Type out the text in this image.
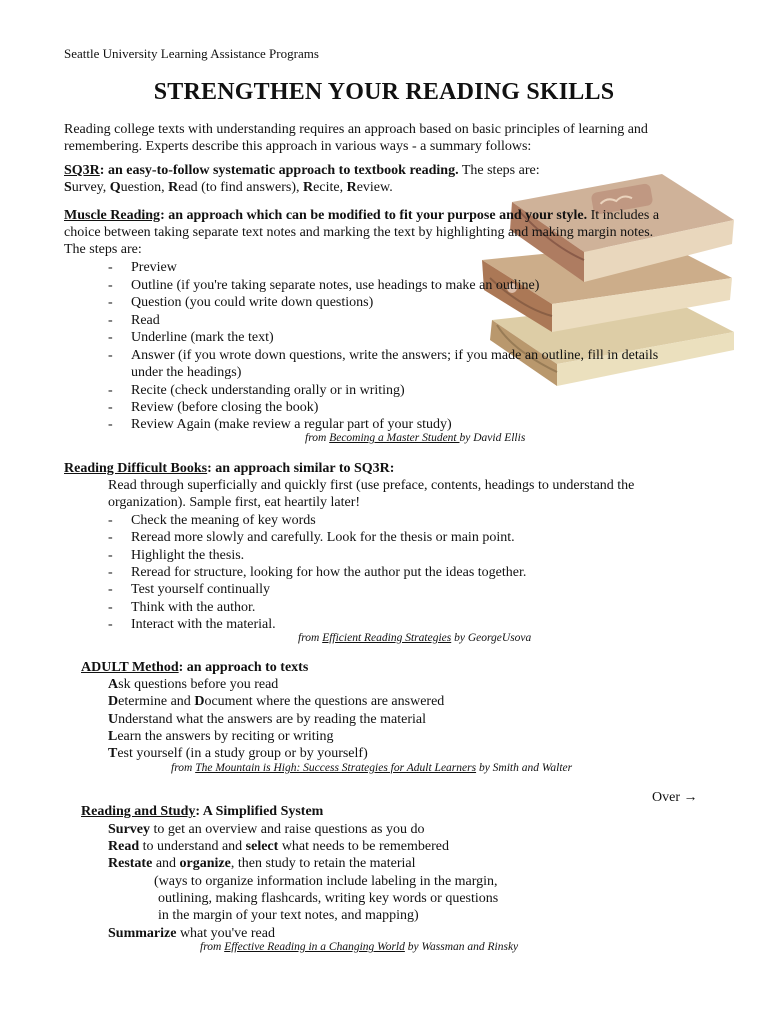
Seattle University Learning Assistance Programs
STRENGTHEN YOUR READING SKILLS
Reading college texts with understanding requires an approach based on basic principles of learning and
remembering. Experts describe this approach in various ways - a summary follows:
SQ3R: an easy-to-follow systematic approach to textbook reading. The steps are:
Survey, Question, Read (to find answers), Recite, Review.
Muscle Reading: an approach which can be modified to fit your purpose and your style. It includes a
choice between taking separate text notes and marking the text by highlighting and making margin notes.
The steps are:
- Preview
- Outline (if you're taking separate notes, use headings to make an outline)
- Question (you could write down questions)
- Read
- Underline (mark the text)
- Answer (if you wrote down questions, write the answers; if you made an outline, fill in details
under the headings)
- Recite (check understanding orally or in writing)
- Review (before closing the book)
- Review Again (make review a regular part of your study)
from Becoming a Master Student by David Ellis
Reading Difficult Books: an approach similar to SQ3R:
Read through superficially and quickly first (use preface, contents, headings to understand the
organization). Sample first, eat heartily later!
- Check the meaning of key words
- Reread more slowly and carefully. Look for the thesis or main point.
- Highlight the thesis.
- Reread for structure, looking for how the author put the ideas together.
- Test yourself continually
- Think with the author.
- Interact with the material.
from Efficient Reading Strategies by GeorgeUsova
ADULT Method: an approach to texts
Ask questions before you read
Determine and Document where the questions are answered
Understand what the answers are by reading the material
Learn the answers by reciting or writing
Test yourself (in a study group or by yourself)
from The Mountain is High: Success Strategies for Adult Learners by Smith and Walter
Over →
Reading and Study: A Simplified System
Survey to get an overview and raise questions as you do
Read to understand and select what needs to be remembered
Restate and organize, then study to retain the material
(ways to organize information include labeling in the margin,
outlining, making flashcards, writing key words or questions
in the margin of your text notes, and mapping)
Summarize what you've read
from Effective Reading in a Changing World by Wassman and Rinsky
